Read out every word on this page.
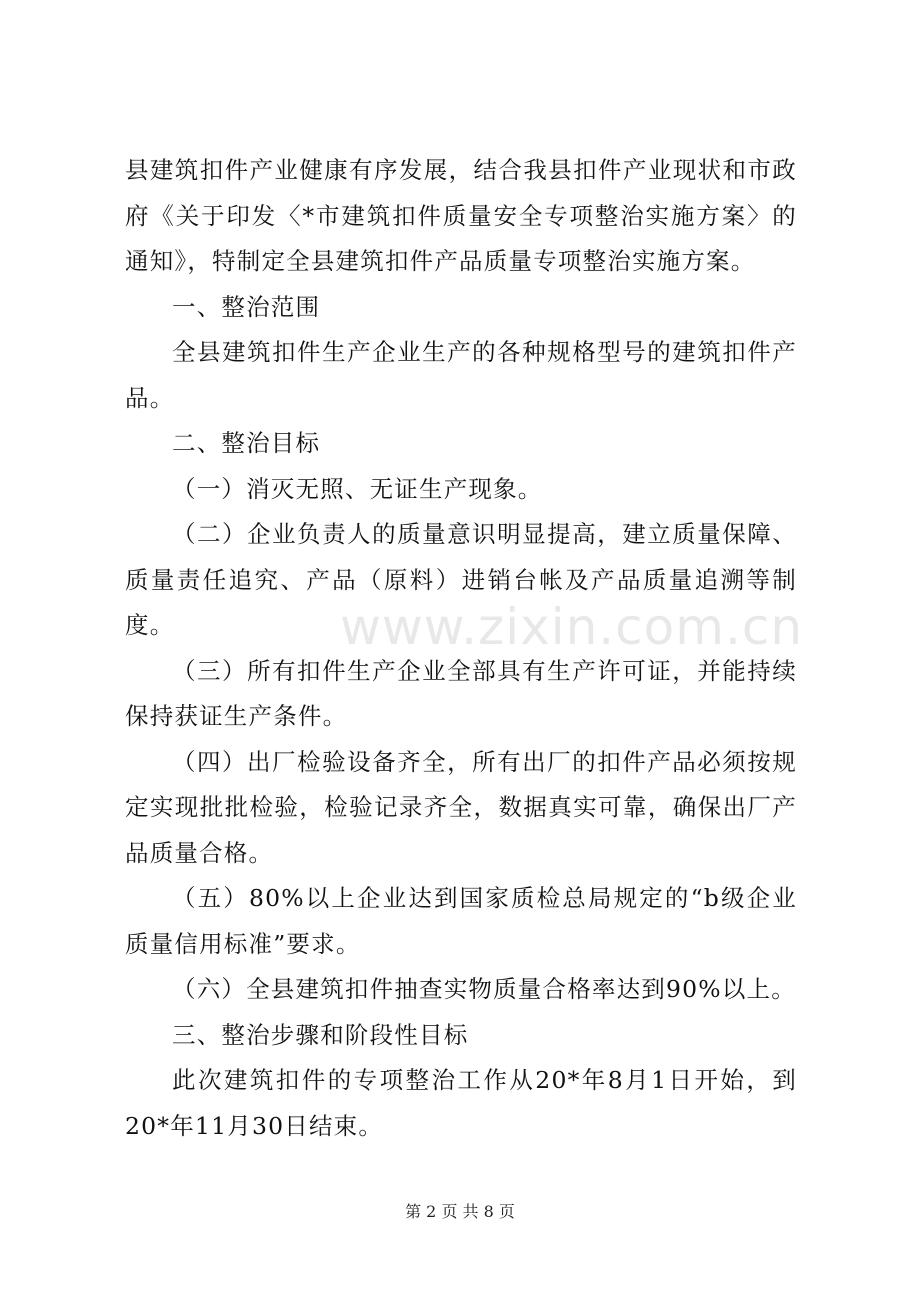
www.zixin.com.cn

县建筑扣件产业健康有序发展，结合我县扣件产业现状和市政府《关于印发〈*市建筑扣件质量安全专项整治实施方案〉的通知》，特制定全县建筑扣件产品质量专项整治实施方案。

一、整治范围

全县建筑扣件生产企业生产的各种规格型号的建筑扣件产品。

二、整治目标

（一）消灭无照、无证生产现象。

（二）企业负责人的质量意识明显提高，建立质量保障、质量责任追究、产品（原料）进销台帐及产品质量追溯等制度。

（三）所有扣件生产企业全部具有生产许可证，并能持续保持获证生产条件。

（四）出厂检验设备齐全，所有出厂的扣件产品必须按规定实现批批检验，检验记录齐全，数据真实可靠，确保出厂产品质量合格。

（五）80%以上企业达到国家质检总局规定的“b级企业质量信用标准”要求。

（六）全县建筑扣件抽查实物质量合格率达到90%以上。

三、整治步骤和阶段性目标

此次建筑扣件的专项整治工作从20*年8月1日开始，到20*年11月30日结束。

第 2 页 共 8 页
